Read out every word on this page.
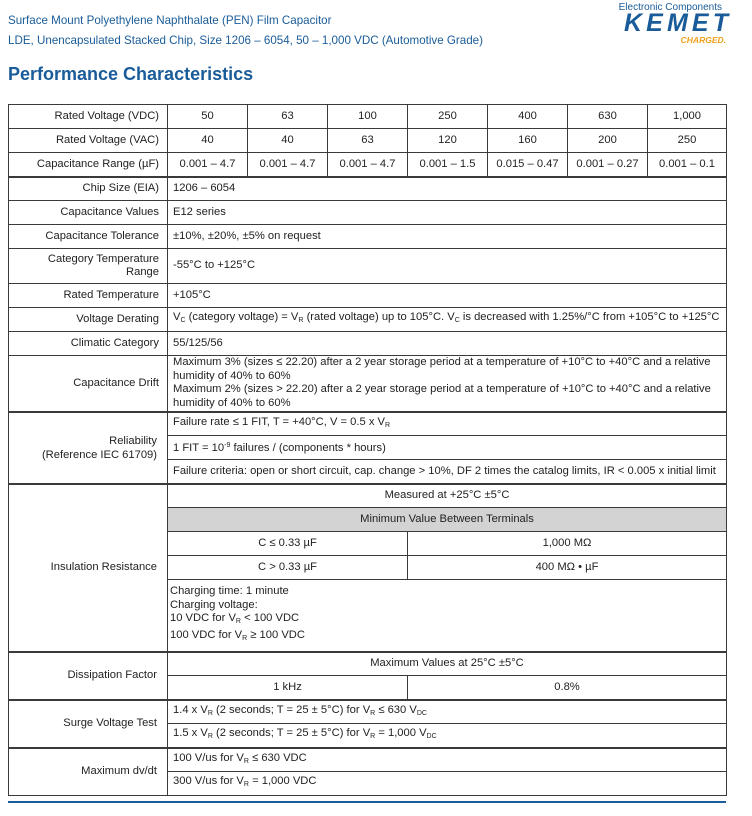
Surface Mount Polyethylene Naphthalate (PEN) Film Capacitor
LDE, Unencapsulated Stacked Chip, Size 1206 – 6054, 50 – 1,000 VDC (Automotive Grade)
Electronic Components
KEMET
CHARGED.
Performance Characteristics
Rated Voltage (VDC)	50	63	100	250	400	630	1,000
Rated Voltage (VAC)	40	40	63	120	160	200	250
Capacitance Range (µF)	0.001 – 4.7	0.001 – 4.7	0.001 – 4.7	0.001 – 1.5	0.015 – 0.47	0.001 – 0.27	0.001 – 0.1
Chip Size (EIA)	1206 – 6054						
Capacitance Values	E12 series						
Capacitance Tolerance	±10%, ±20%, ±5% on request						

Category Temperature
Range	-55°C to +125°C						
Rated Temperature	+105°C						
Voltage Derating	$V_C$ (category voltage) = $V_R$ (rated voltage) up to 105°C. $V_C$ is decreased with 1.25%/°C from +105°C to +125°C						
Climatic Category	55/125/56						
Capacitance Drift	Maximum 3% (sizes ≤ 22.20) after a 2 year storage period at a temperature of +10°C to +40°C and a relative
humidity of 40% to 60%
Maximum 2% (sizes > 22.20) after a 2 year storage period at a temperature of +10°C to +40°C and a relative
humidity of 40% to 60%						

Reliability
(Reference IEC 61709)	Failure rate ≤ 1 FIT, T = +40°C, V = 0.5 x $V_R$
	1 FIT = $10^{-9}$ failures / (components * hours)						
	Failure criteria: open or short circuit, cap. change > 10%, DF 2 times the catalog limits, IR < 0.005 x initial limit						
Insulation Resistance	Measured at +25°C ±5°C						
	Minimum Value Between Terminals						
	C ≤ 0.33 µF			1,000 MΩ			
	C > 0.33 µF			400 MΩ • µF			

	Charging time: 1 minute
Charging voltage:
10 VDC for $V_R < 100$ VDC
100 VDC for $V_R \ge 100$ VDC						

Dissipation Factor	Maximum Values at 25°C ±5°C						
	1 kHz			0.8%			
Surge Voltage Test	1.4 x $V_R$ (2 seconds; T = 25 ± 5°C) for $V_R \le 630$ $V_{DC}$
	1.5 x $V_R$ (2 seconds; T = 25 ± 5°C) for $V_R = 1,000$ $V_{DC}$
Maximum dv/dt	100 V/us for $V_R \le 630$ VDC						
	300 V/us for $V_R = 1,000$ VDC						
